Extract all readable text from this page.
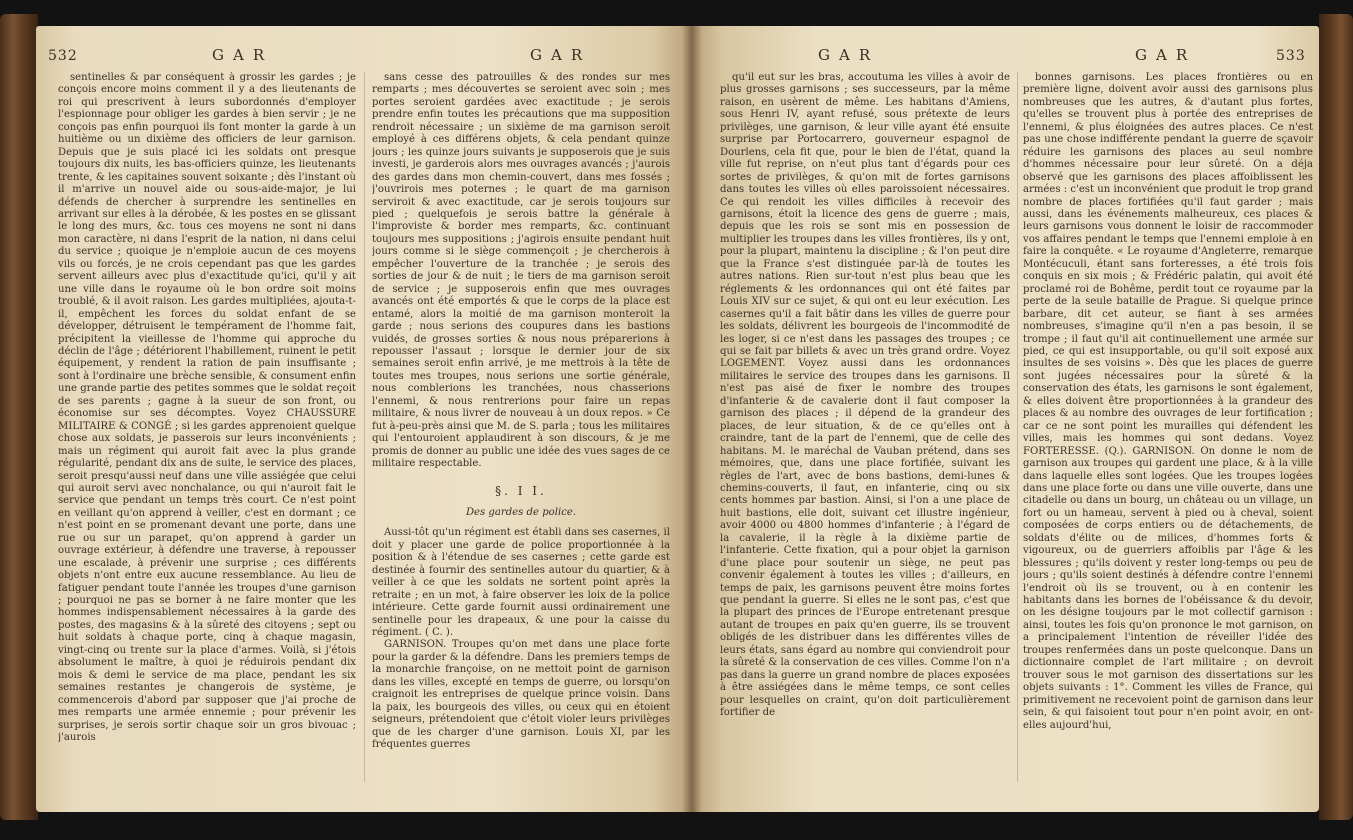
532	GAR	GAR	GAR	GAR	533

sentinelles & par conséquent à grossir les gardes ; je conçois encore moins comment il y a des lieutenants de roi qui prescrivent à leurs subordonnés d'employer l'espionnage pour obliger les gardes à bien servir ; je ne conçois pas enfin pourquoi ils font monter la garde à un huitième ou un dixième des officiers de leur garnison. Depuis que je suis placé ici les soldats ont presque toujours dix nuits, les bas-officiers quinze, les lieutenants trente, & les capitaines souvent soixante ; dès l'instant où il m'arrive un nouvel aide ou sous-aide-major, je lui défends de chercher à surprendre les sentinelles en arrivant sur elles à la dérobée, & les postes en se glissant le long des murs, &c. tous ces moyens ne sont ni dans mon caractère, ni dans l'esprit de la nation, ni dans celui du service ; quoique je n'emploie aucun de ces moyens vils ou forcés, je ne crois cependant pas que les gardes servent ailleurs avec plus d'exactitude qu'ici, qu'il y ait une ville dans le royaume où le bon ordre soit moins troublé, & il avoit raison. Les gardes multipliées, ajouta-t-il, empêchent les forces du soldat enfant de se développer, détruisent le tempérament de l'homme fait, précipitent la vieillesse de l'homme qui approche du déclin de l'âge ; détériorent l'habillement, ruinent le petit équipement, y rendent la ration de pain insuffisante ; sont à l'ordinaire une brèche sensible, & consument enfin une grande partie des petites sommes que le soldat reçoit de ses parents ; gagne à la sueur de son front, ou économise sur ses décomptes. Voyez CHAUSSURE MILITAIRE & CONGÉ ; si les gardes apprenoient quelque chose aux soldats, je passerois sur leurs inconvénients ; mais un régiment qui auroit fait avec la plus grande régularité, pendant dix ans de suite, le service des places, seroit presqu'aussi neuf dans une ville assiégée que celui qui auroit servi avec nonchalance, ou qui n'auroit fait le service que pendant un temps très court. Ce n'est point en veillant qu'on apprend à veiller, c'est en dormant ; ce n'est point en se promenant devant une porte, dans une rue ou sur un parapet, qu'on apprend à garder un ouvrage extérieur, à défendre une traverse, à repousser une escalade, à prévenir une surprise ; ces différents objets n'ont entre eux aucune ressemblance. Au lieu de fatiguer pendant toute l'année les troupes d'une garnison ; pourquoi ne pas se borner à ne faire monter que les hommes indispensablement nécessaires à la garde des postes, des magasins & à la sûreté des citoyens ; sept ou huit soldats à chaque porte, cinq à chaque magasin, vingt-cinq ou trente sur la place d'armes. Voilà, si j'étois absolument le maître, à quoi je réduirois pendant dix mois & demi le service de ma place, pendant les six semaines restantes je changerois de système, je commencerois d'abord par supposer que j'ai proche de mes remparts une armée ennemie ; pour prévenir les surprises, je serois sortir chaque soir un gros bivouac ; j'aurois

sans cesse des patrouilles & des rondes sur mes remparts ; mes découvertes se seroient avec soin ; mes portes seroient gardées avec exactitude ; je serois prendre enfin toutes les précautions que ma supposition rendroit nécessaire ; un sixième de ma garnison seroit employé à ces différens objets, & cela pendant quinze jours ; les quinze jours suivants je supposerois que je suis investi, je garderois alors mes ouvrages avancés ; j'aurois des gardes dans mon chemin-couvert, dans mes fossés ; j'ouvrirois mes poternes ; le quart de ma garnison serviroit & avec exactitude, car je serois toujours sur pied ; quelquefois je serois battre la générale à l'improviste & border mes remparts, &c. continuant toujours mes suppositions ; j'agirois ensuite pendant huit jours comme si le siège commençoit ; je chercherois à empêcher l'ouverture de la tranchée ; je serois des sorties de jour & de nuit ; le tiers de ma garnison seroit de service ; je supposerois enfin que mes ouvrages avancés ont été emportés & que le corps de la place est entamé, alors la moitié de ma garnison monteroit la garde ; nous serions des coupures dans les bastions vuidés, de grosses sorties & nous nous préparerions à repousser l'assaut ; lorsque le dernier jour de six semaines seroit enfin arrivé, je me mettrois à la tête de toutes mes troupes, nous serions une sortie générale, nous comblerions les tranchées, nous chasserions l'ennemi, & nous rentrerions pour faire un repas militaire, & nous livrer de nouveau à un doux repos. » Ce fut à-peu-près ainsi que M. de S. parla ; tous les militaires qui l'entouroient applaudirent à son discours, & je me promis de donner au public une idée des vues sages de ce militaire respectable.

§. I I.
Des gardes de police.

Aussi-tôt qu'un régiment est établi dans ses casernes, il doit y placer une garde de police proportionnée à la position & à l'étendue de ses casernes ; cette garde est destinée à fournir des sentinelles autour du quartier, & à veiller à ce que les soldats ne sortent point après la retraite ; en un mot, à faire observer les loix de la police intérieure. Cette garde fournit aussi ordinairement une sentinelle pour les drapeaux, & une pour la caisse du régiment. ( C. ).

GARNISON. Troupes qu'on met dans une place forte pour la garder & la défendre. Dans les premiers temps de la monarchie françoise, on ne mettoit point de garnison dans les villes, excepté en temps de guerre, ou lorsqu'on craignoit les entreprises de quelque prince voisin. Dans la paix, les bourgeois des villes, ou ceux qui en étoient seigneurs, prétendoient que c'étoit violer leurs privilèges que de les charger d'une garnison. Louis XI, par les fréquentes guerres

qu'il eut sur les bras, accoutuma les villes à avoir de plus grosses garnisons ; ses successeurs, par la même raison, en usèrent de même. Les habitans d'Amiens, sous Henri IV, ayant refusé, sous prétexte de leurs privilèges, une garnison, & leur ville ayant été ensuite surprise par Portocarrero, gouverneur espagnol de Dourlens, cela fit que, pour le bien de l'état, quand la ville fut reprise, on n'eut plus tant d'égards pour ces sortes de privilèges, & qu'on mit de fortes garnisons dans toutes les villes où elles paroissoient nécessaires. Ce qui rendoit les villes difficiles à recevoir des garnisons, étoit la licence des gens de guerre ; mais, depuis que les rois se sont mis en possession de multiplier les troupes dans les villes frontières, ils y ont, pour la plupart, maintenu la discipline ; & l'on peut dire que la France s'est distinguée par-là de toutes les autres nations. Rien sur-tout n'est plus beau que les réglements & les ordonnances qui ont été faites par Louis XIV sur ce sujet, & qui ont eu leur exécution. Les casernes qu'il a fait bâtir dans les villes de guerre pour les soldats, délivrent les bourgeois de l'incommodité de les loger, si ce n'est dans les passages des troupes ; ce qui se fait par billets & avec un très grand ordre. Voyez LOGEMENT. Voyez aussi dans les ordonnances militaires le service des troupes dans les garnisons. Il n'est pas aisé de fixer le nombre des troupes d'infanterie & de cavalerie dont il faut composer la garnison des places ; il dépend de la grandeur des places, de leur situation, & de ce qu'elles ont à craindre, tant de la part de l'ennemi, que de celle des habitans. M. le maréchal de Vauban prétend, dans ses mémoires, que, dans une place fortifiée, suivant les règles de l'art, avec de bons bastions, demi-lunes & chemins-couverts, il faut, en infanterie, cinq ou six cents hommes par bastion. Ainsi, si l'on a une place de huit bastions, elle doit, suivant cet illustre ingénieur, avoir 4000 ou 4800 hommes d'infanterie ; à l'égard de la cavalerie, il la règle à la dixième partie de l'infanterie. Cette fixation, qui a pour objet la garnison d'une place pour soutenir un siège, ne peut pas convenir également à toutes les villes ; d'ailleurs, en temps de paix, les garnisons peuvent être moins fortes que pendant la guerre. Si elles ne le sont pas, c'est que la plupart des princes de l'Europe entretenant presque autant de troupes en paix qu'en guerre, ils se trouvent obligés de les distribuer dans les différentes villes de leurs états, sans égard au nombre qui conviendroit pour la sûreté & la conservation de ces villes. Comme l'on n'a pas dans la guerre un grand nombre de places exposées à être assiégées dans le même temps, ce sont celles pour lesquelles on craint, qu'on doit particulièrement fortifier de

bonnes garnisons. Les places frontières ou en première ligne, doivent avoir aussi des garnisons plus nombreuses que les autres, & d'autant plus fortes, qu'elles se trouvent plus à portée des entreprises de l'ennemi, & plus éloignées des autres places. Ce n'est pas une chose indifférente pendant la guerre de sçavoir réduire les garnisons des places au seul nombre d'hommes nécessaire pour leur sûreté. On a déja observé que les garnisons des places affoiblissent les armées : c'est un inconvénient que produit le trop grand nombre de places fortifiées qu'il faut garder ; mais aussi, dans les événements malheureux, ces places & leurs garnisons vous donnent le loisir de raccommoder vos affaires pendant le temps que l'ennemi emploie à en faire la conquête. « Le royaume d'Angleterre, remarque Montécuculi, étant sans forteresses, a été trois fois conquis en six mois ; & Frédéric palatin, qui avoit été proclamé roi de Bohême, perdit tout ce royaume par la perte de la seule bataille de Prague. Si quelque prince barbare, dit cet auteur, se fiant à ses armées nombreuses, s'imagine qu'il n'en a pas besoin, il se trompe ; il faut qu'il ait continuellement une armée sur pied, ce qui est insupportable, ou qu'il soit exposé aux insultes de ses voisins ». Dès que les places de guerre sont jugées nécessaires pour la sûreté & la conservation des états, les garnisons le sont également, & elles doivent être proportionnées à la grandeur des places & au nombre des ouvrages de leur fortification ; car ce ne sont point les murailles qui défendent les villes, mais les hommes qui sont dedans. Voyez FORTERESSE. (Q.). GARNISON. On donne le nom de garnison aux troupes qui gardent une place, & à la ville dans laquelle elles sont logées. Que les troupes logées dans une place forte ou dans une ville ouverte, dans une citadelle ou dans un bourg, un château ou un village, un fort ou un hameau, servent à pied ou à cheval, soient composées de corps entiers ou de détachements, de soldats d'élite ou de milices, d'hommes forts & vigoureux, ou de guerriers affoiblis par l'âge & les blessures ; qu'ils doivent y rester long-temps ou peu de jours ; qu'ils soient destinés à défendre contre l'ennemi l'endroit où ils se trouvent, ou à en contenir les habitants dans les bornes de l'obéissance & du devoir, on les désigne toujours par le mot collectif garnison : ainsi, toutes les fois qu'on prononce le mot garnison, on a principalement l'intention de réveiller l'idée des troupes renfermées dans un poste quelconque. Dans un dictionnaire complet de l'art militaire ; on devroit trouver sous le mot garnison des dissertations sur les objets suivants : 1°. Comment les villes de France, qui primitivement ne recevoient point de garnison dans leur sein, & qui faisoient tout pour n'en point avoir, en ont-elles aujourd'hui,
